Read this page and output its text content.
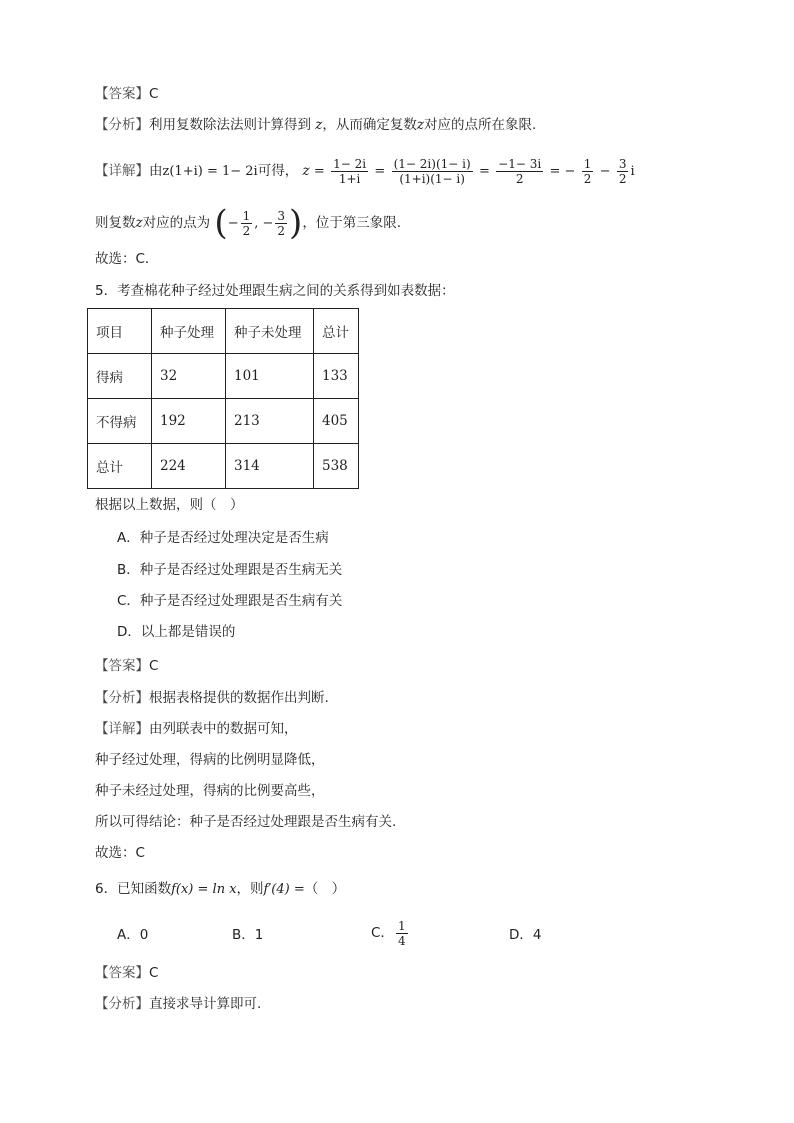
【答案】C
【分析】利用复数除法法则计算得到 z，从而确定复数z对应的点所在象限.
【详解】由z(1+i) = 1− 2i可得， $z = \frac{1- 2i}{1+i} = \frac{(1- 2i)(1- i)}{(1+i)(1- i)} = \frac{-1- 3i}{2}$ = − $\frac{1}{2} - \frac{3}{2}$ i
则复数z对应的点为 (− $\frac{1}{2}$ , − $\frac{3}{2}$ )，位于第三象限.
故选：C.
5．考查棉花种子经过处理跟生病之间的关系得到如表数据：
项目	种子处理	种子未处理	总计
得病	32	101	133
不得病	192	213	405
总计	224	314	538
根据以上数据，则（　）
A．种子是否经过处理决定是否生病
B．种子是否经过处理跟是否生病无关
C．种子是否经过处理跟是否生病有关
D．以上都是错误的
【答案】C
【分析】根据表格提供的数据作出判断.
【详解】由列联表中的数据可知，
种子经过处理，得病的比例明显降低，
种子未经过处理，得病的比例要高些，
所以可得结论：种子是否经过处理跟是否生病有关.
故选：C
6．已知函数f(x) = ln x，则f′(4) =（　）
A．0	B．1	C． $\frac{1}{4}$	D．4
【答案】C
【分析】直接求导计算即可.
